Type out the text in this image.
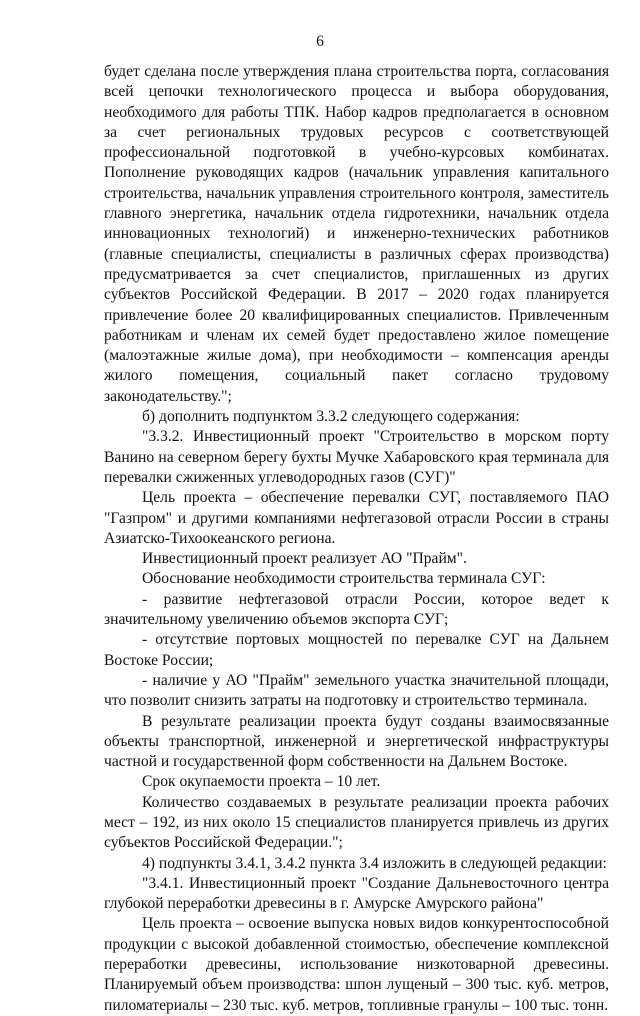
6

будет сделана после утверждения плана строительства порта, согласования всей цепочки технологического процесса и выбора оборудования, необходимого для работы ТПК. Набор кадров предполагается в основном за счет региональных трудовых ресурсов с соответствующей профессиональной подготовкой в учебно-курсовых комбинатах. Пополнение руководящих кадров (начальник управления капитального строительства, начальник управления строительного контроля, заместитель главного энергетика, начальник отдела гидротехники, начальник отдела инновационных технологий) и инженерно-технических работников (главные специалисты, специалисты в различных сферах производства) предусматривается за счет специалистов, приглашенных из других субъектов Российской Федерации. В 2017 – 2020 годах планируется привлечение более 20 квалифицированных специалистов. Привлеченным работникам и членам их семей будет предоставлено жилое помещение (малоэтажные жилые дома), при необходимости – компенсация аренды жилого помещения, социальный пакет согласно трудовому законодательству.";

б) дополнить подпунктом 3.3.2 следующего содержания:

"3.3.2. Инвестиционный проект "Строительство в морском порту Ванино на северном берегу бухты Мучке Хабаровского края терминала для перевалки сжиженных углеводородных газов (СУГ)"

Цель проекта – обеспечение перевалки СУГ, поставляемого ПАО "Газпром" и другими компаниями нефтегазовой отрасли России в страны Азиатско-Тихоокеанского региона.

Инвестиционный проект реализует АО "Прайм".

Обоснование необходимости строительства терминала СУГ:

- развитие нефтегазовой отрасли России, которое ведет к значительному увеличению объемов экспорта СУГ;

- отсутствие портовых мощностей по перевалке СУГ на Дальнем Востоке России;

- наличие у АО "Прайм" земельного участка значительной площади, что позволит снизить затраты на подготовку и строительство терминала.

В результате реализации проекта будут созданы взаимосвязанные объекты транспортной, инженерной и энергетической инфраструктуры частной и государственной форм собственности на Дальнем Востоке.

Срок окупаемости проекта – 10 лет.

Количество создаваемых в результате реализации проекта рабочих мест – 192, из них около 15 специалистов планируется привлечь из других субъектов Российской Федерации.";

4) подпункты 3.4.1, 3.4.2 пункта 3.4 изложить в следующей редакции:

"3.4.1. Инвестиционный проект "Создание Дальневосточного центра глубокой переработки древесины в г. Амурске Амурского района"

Цель проекта – освоение выпуска новых видов конкурентоспособной продукции с высокой добавленной стоимостью, обеспечение комплексной переработки древесины, использование низкотоварной древесины. Планируемый объем производства: шпон лущеный – 300 тыс. куб. метров, пиломатериалы – 230 тыс. куб. метров, топливные гранулы – 100 тыс. тонн.
